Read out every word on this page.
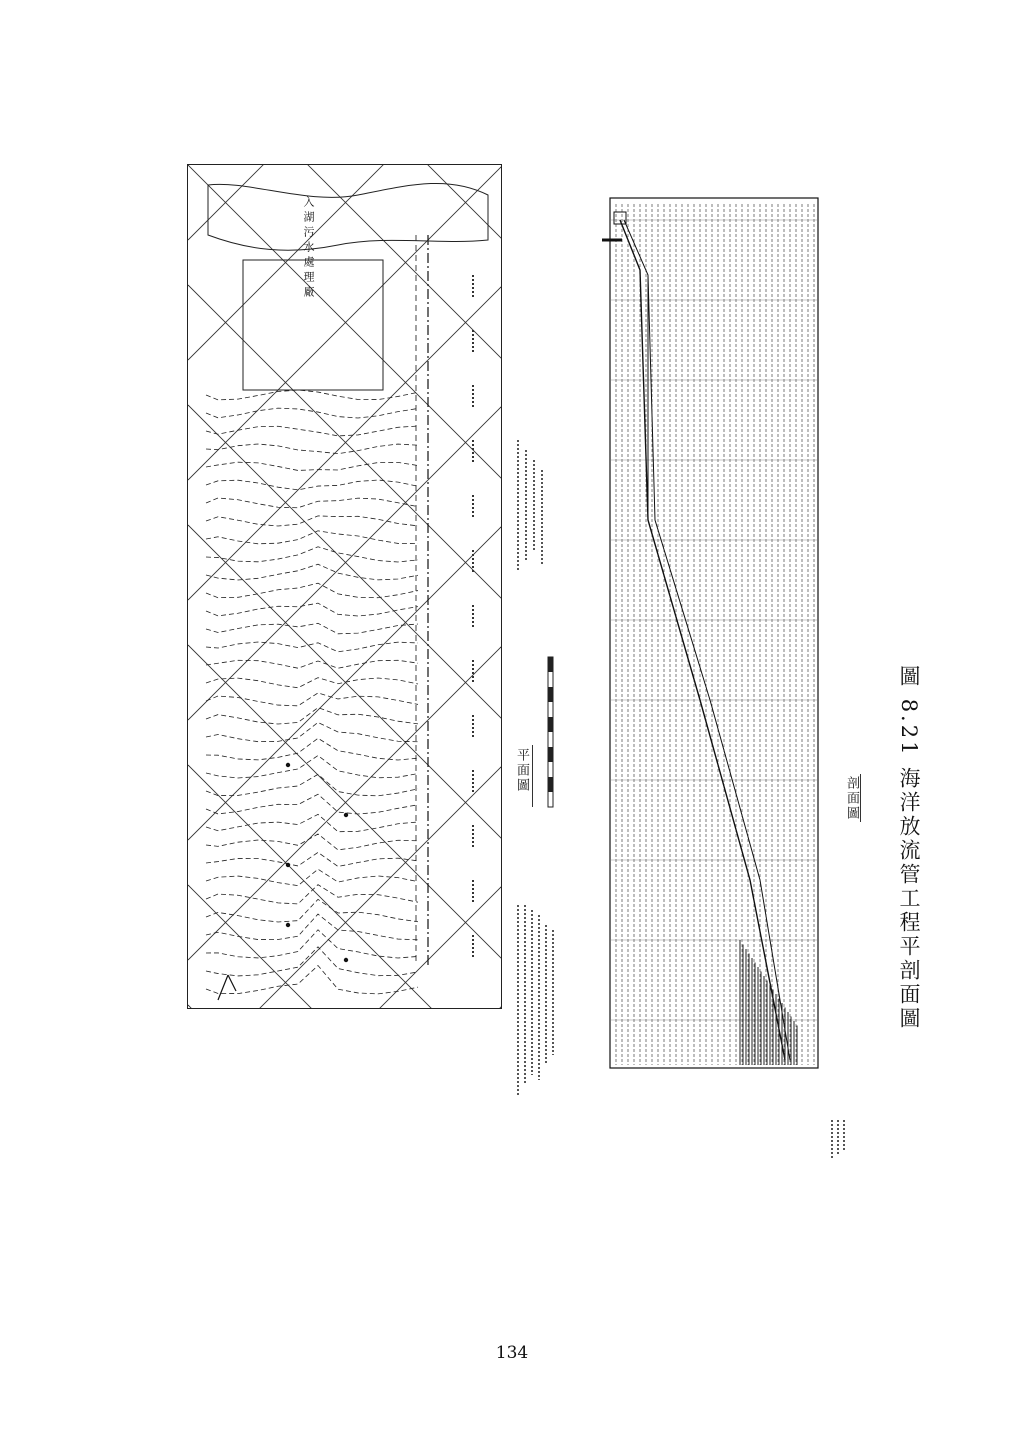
入湖污水處理廠
平面圖
剖面圖
圖 8.21 海洋放流管工程平剖面圖
134
